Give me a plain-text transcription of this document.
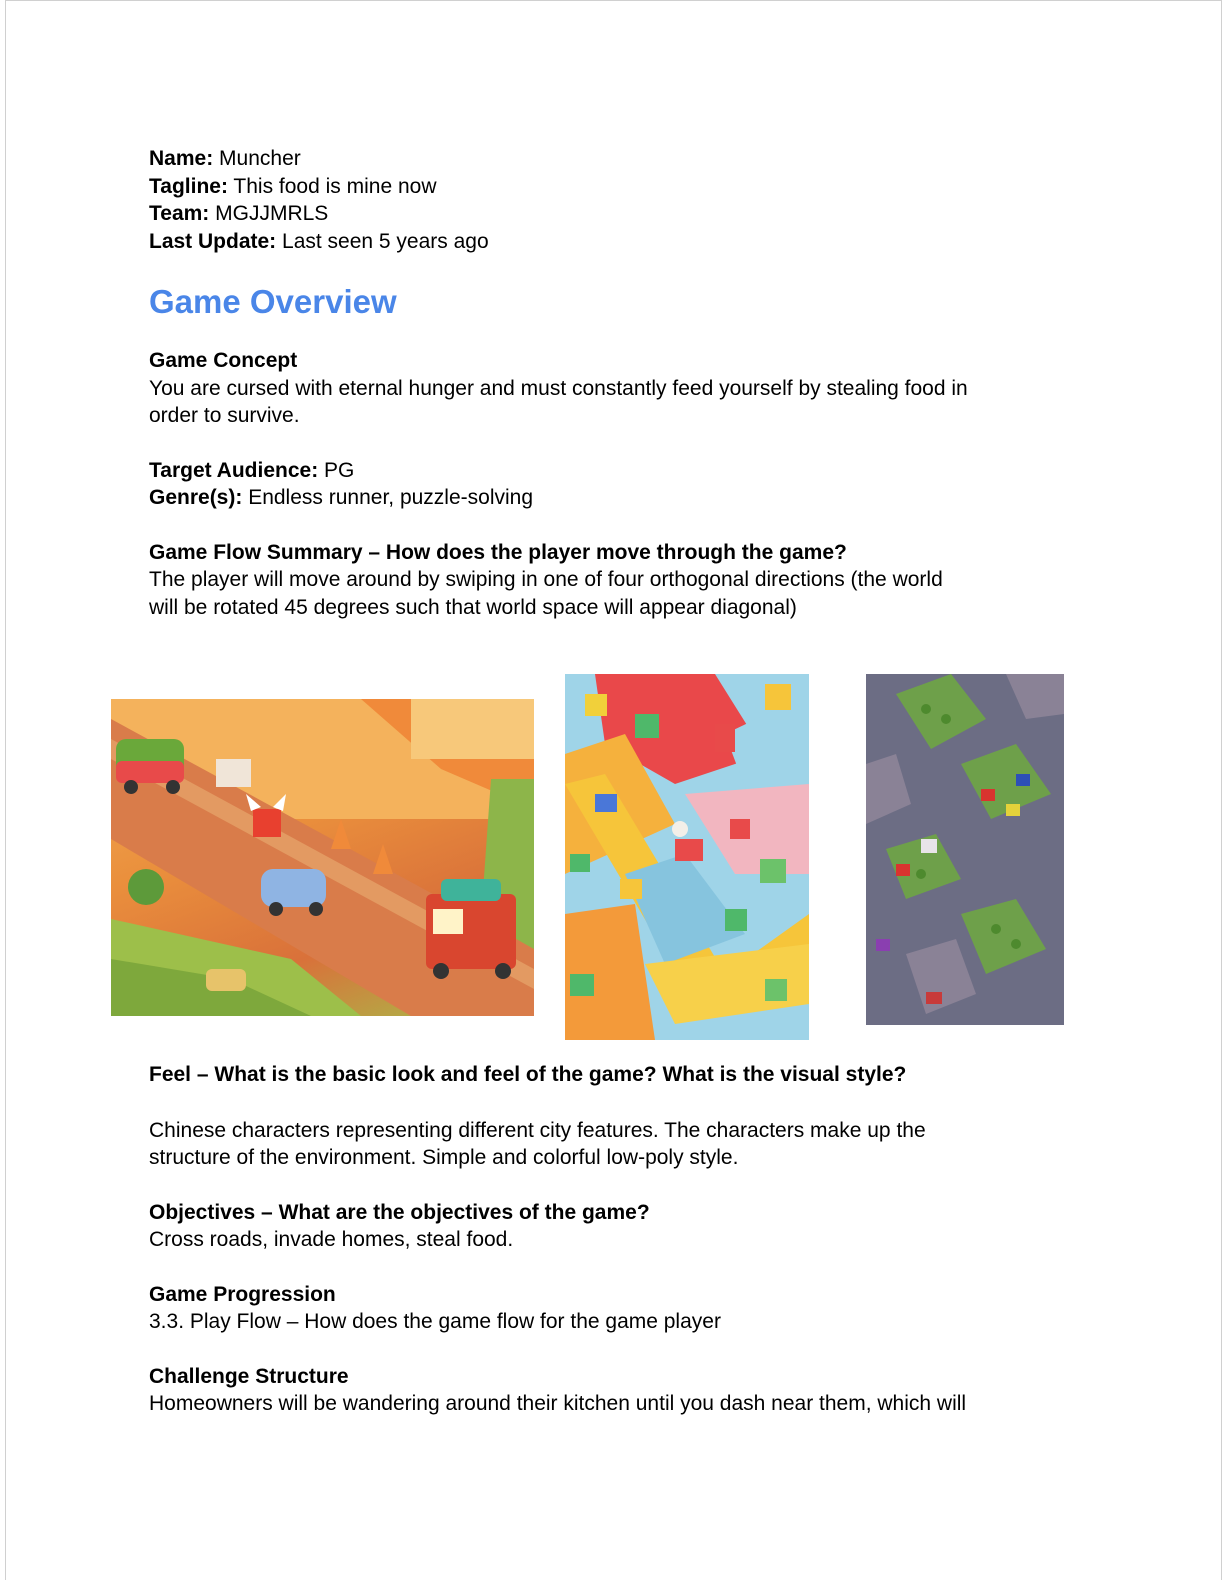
Name: Muncher
Tagline: This food is mine now
Team: MGJJMRLS
Last Update: Last seen 5 years ago
Game Overview
Game Concept
You are cursed with eternal hunger and must constantly feed yourself by stealing food in
order to survive.
Target Audience: PG
Genre(s): Endless runner, puzzle-solving
Game Flow Summary – How does the player move through the game?
The player will move around by swiping in one of four orthogonal directions (the world
will be rotated 45 degrees such that world space will appear diagonal)
Feel – What is the basic look and feel of the game? What is the visual style?
Chinese characters representing different city features. The characters make up the
structure of the environment. Simple and colorful low-poly style.
Objectives – What are the objectives of the game?
Cross roads, invade homes, steal food.
Game Progression
3.3. Play Flow – How does the game flow for the game player
Challenge Structure
Homeowners will be wandering around their kitchen until you dash near them, which will
